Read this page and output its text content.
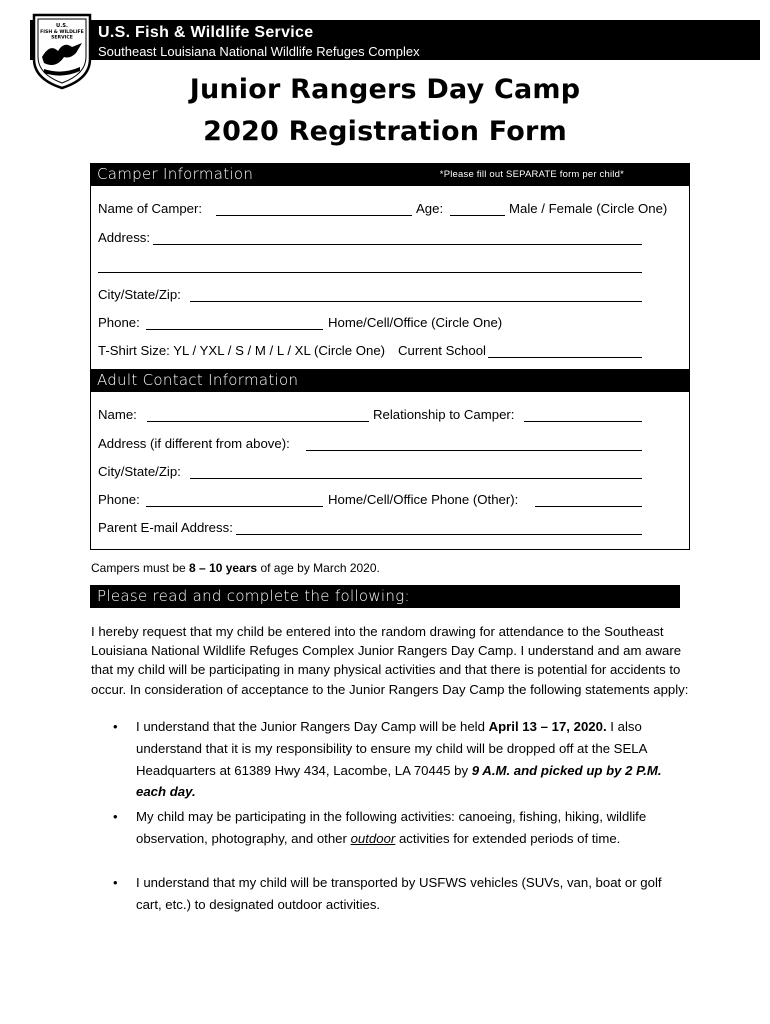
U.S.
FISH & WILDLIFE
SERVICE U.S. Fish & Wildlife Service
Southeast Louisiana National Wildlife Refuges Complex
Junior Rangers Day Camp
2020 Registration Form
Camper Information	*Please fill out SEPARATE form per child*
Name of Camper:	Age:	Male / Female (Circle One)
Address:
City/State/Zip:
Phone:	Home/Cell/Office (Circle One)
T-Shirt Size: YL / YXL / S / M / L / XL (Circle One) Current School
Adult Contact Information
Name:	Relationship to Camper:
Address (if different from above):
City/State/Zip:
Phone:	Home/Cell/Office Phone (Other):
Parent E-mail Address:
Campers must be 8 – 10 years of age by March 2020.
Please read and complete the following:
I hereby request that my child be entered into the random drawing for attendance to the Southeast Louisiana National Wildlife Refuges Complex Junior Rangers Day Camp. I understand and am aware that my child will be participating in many physical activities and that there is potential for accidents to occur. In consideration of acceptance to the Junior Rangers Day Camp the following statements apply:
• I understand that the Junior Rangers Day Camp will be held April 13 – 17, 2020. I also understand that it is my responsibility to ensure my child will be dropped off at the SELA Headquarters at 61389 Hwy 434, Lacombe, LA 70445 by 9 A.M. and picked up by 2 P.M. each day.
• My child may be participating in the following activities: canoeing, fishing, hiking, wildlife observation, photography, and other outdoor activities for extended periods of time.
• I understand that my child will be transported by USFWS vehicles (SUVs, van, boat or golf cart, etc.) to designated outdoor activities.
